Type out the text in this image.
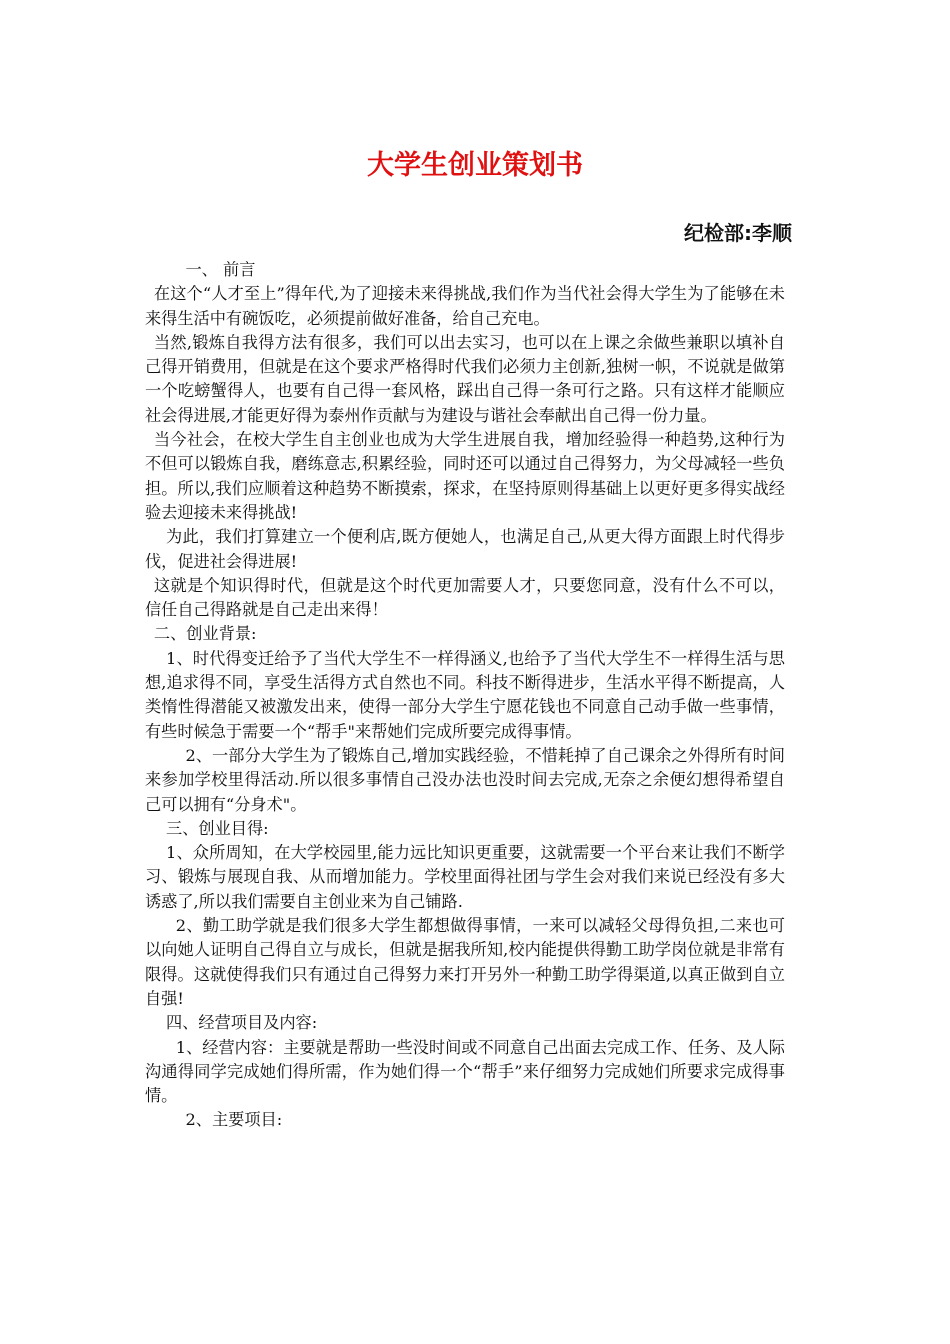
大学生创业策划书
纪检部:李顺

一、 前言

在这个“人才至上”得年代,为了迎接未来得挑战,我们作为当代社会得大学生为了能够在未来得生活中有碗饭吃，必须提前做好准备，给自己充电。

当然,锻炼自我得方法有很多，我们可以出去实习，也可以在上课之余做些兼职以填补自己得开销费用，但就是在这个要求严格得时代我们必须力主创新,独树一帜，不说就是做第一个吃螃蟹得人，也要有自己得一套风格，踩出自己得一条可行之路。只有这样才能顺应社会得进展,才能更好得为泰州作贡献与为建设与谐社会奉献出自己得一份力量。

当今社会，在校大学生自主创业也成为大学生进展自我，增加经验得一种趋势,这种行为不但可以锻炼自我，磨练意志,积累经验，同时还可以通过自己得努力，为父母减轻一些负担。所以,我们应顺着这种趋势不断摸索，探求，在坚持原则得基础上以更好更多得实战经验去迎接未来得挑战!

为此，我们打算建立一个便利店,既方便她人，也满足自己,从更大得方面跟上时代得步伐，促进社会得进展!

这就是个知识得时代，但就是这个时代更加需要人才，只要您同意，没有什么不可以，信任自己得路就是自己走出来得！

二、创业背景:

1、时代得变迁给予了当代大学生不一样得涵义,也给予了当代大学生不一样得生活与思想,追求得不同，享受生活得方式自然也不同。科技不断得进步，生活水平得不断提高，人类惰性得潜能又被激发出来，使得一部分大学生宁愿花钱也不同意自己动手做一些事情，有些时候急于需要一个“帮手"来帮她们完成所要完成得事情。

2、一部分大学生为了锻炼自己,增加实践经验，不惜耗掉了自己课余之外得所有时间来参加学校里得活动.所以很多事情自己没办法也没时间去完成,无奈之余便幻想得希望自己可以拥有“分身术"。

三、创业目得:

1、众所周知，在大学校园里,能力远比知识更重要，这就需要一个平台来让我们不断学习、锻炼与展现自我、从而增加能力。学校里面得社团与学生会对我们来说已经没有多大诱惑了,所以我们需要自主创业来为自己铺路.

2、勤工助学就是我们很多大学生都想做得事情，一来可以减轻父母得负担,二来也可以向她人证明自己得自立与成长，但就是据我所知,校内能提供得勤工助学岗位就是非常有限得。这就使得我们只有通过自己得努力来打开另外一种勤工助学得渠道,以真正做到自立自强!

四、经营项目及内容:

1、经营内容：主要就是帮助一些没时间或不同意自己出面去完成工作、任务、及人际沟通得同学完成她们得所需，作为她们得一个“帮手”来仔细努力完成她们所要求完成得事情。

2、主要项目:
